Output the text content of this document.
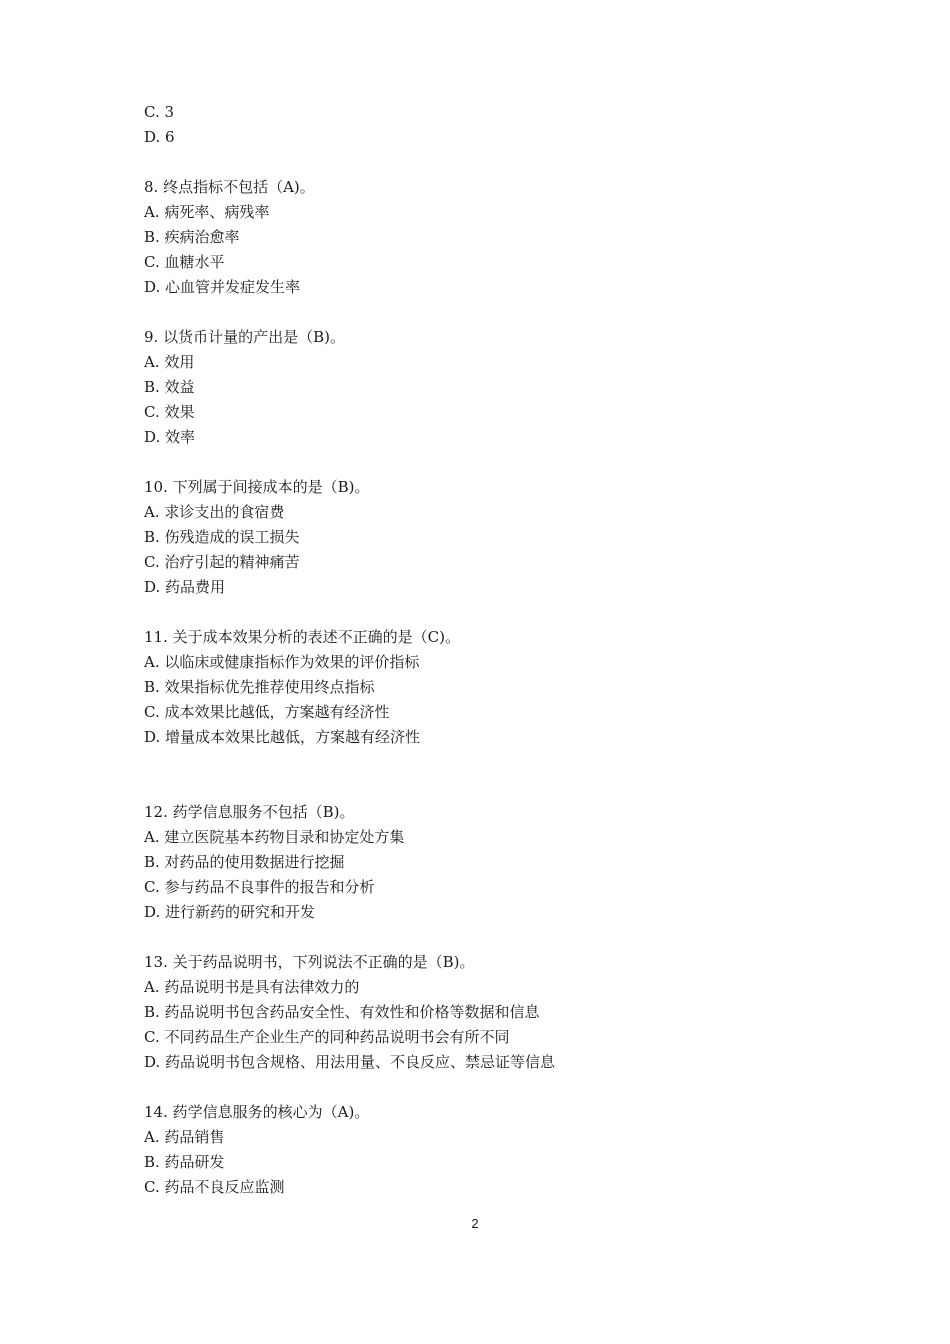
C. 3
D. 6
8. 终点指标不包括（A)。
A. 病死率、病残率
B. 疾病治愈率
C. 血糖水平
D. 心血管并发症发生率
9. 以货币计量的产出是（B)。
A. 效用
B. 效益
C. 效果
D. 效率
10. 下列属于间接成本的是（B)。
A. 求诊支出的食宿费
B. 伤残造成的误工损失
C. 治疗引起的精神痛苦
D. 药品费用
11. 关于成本效果分析的表述不正确的是（C)。
A. 以临床或健康指标作为效果的评价指标
B. 效果指标优先推荐使用终点指标
C. 成本效果比越低，方案越有经济性
D. 增量成本效果比越低，方案越有经济性
12. 药学信息服务不包括（B)。
A. 建立医院基本药物目录和协定处方集
B. 对药品的使用数据进行挖掘
C. 参与药品不良事件的报告和分析
D. 进行新药的研究和开发
13. 关于药品说明书，下列说法不正确的是（B)。
A. 药品说明书是具有法律效力的
B. 药品说明书包含药品安全性、有效性和价格等数据和信息
C. 不同药品生产企业生产的同种药品说明书会有所不同
D. 药品说明书包含规格、用法用量、不良反应、禁忌证等信息
14. 药学信息服务的核心为（A)。
A. 药品销售
B. 药品研发
C. 药品不良反应监测
2
